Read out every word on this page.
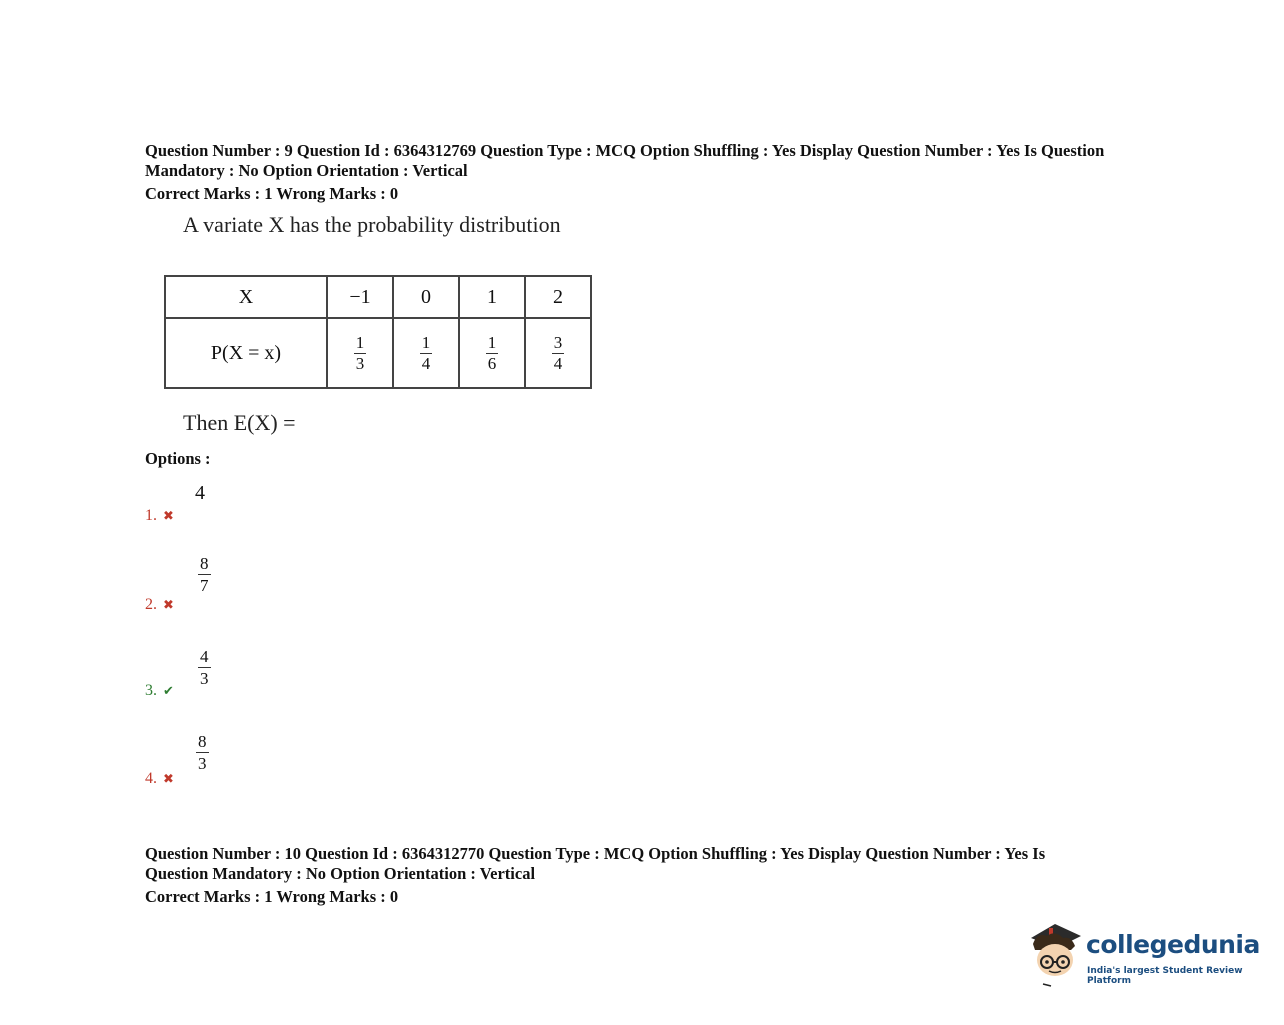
Question Number : 9 Question Id : 6364312769 Question Type : MCQ Option Shuffling : Yes Display Question Number : Yes Is Question
Mandatory : No Option Orientation : Vertical
Correct Marks : 1 Wrong Marks : 0
A variate X has the probability distribution
X	−1	0	1	2
P(X = x)	$\frac{1}{3}$	$\frac{1}{4}$	$\frac{1}{6}$	$\frac{3}{4}$
Then E(X) =
Options :
4
1. ✖
$\frac{8}{7}$
2. ✖
$\frac{4}{3}$
3. ✔
$\frac{8}{3}$
4. ✖
Question Number : 10 Question Id : 6364312770 Question Type : MCQ Option Shuffling : Yes Display Question Number : Yes Is
Question Mandatory : No Option Orientation : Vertical
Correct Marks : 1 Wrong Marks : 0
collegedunia
India's largest Student Review Platform
